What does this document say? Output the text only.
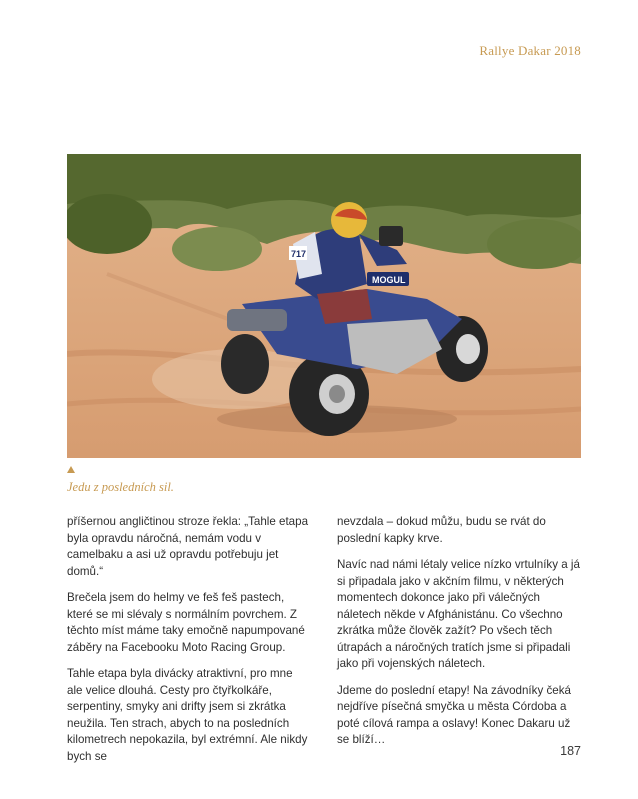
Rallye Dakar 2018
MOGUL
717
Jedu z posledních sil.

příšernou angličtinou stroze řekla: „Tahle etapa byla opravdu náročná, nemám vodu v camelbaku a asi už opravdu potřebuju jet domů.“

Brečela jsem do helmy ve feš feš pastech, které se mi slévaly s normálním povrchem. Z těchto míst máme taky emočně napumpované záběry na Facebooku Moto Racing Group.

Tahle etapa byla divácky atraktivní, pro mne ale velice dlouhá. Cesty pro čtyřkolkáře, serpentiny, smyky ani drifty jsem si zkrátka neužila. Ten strach, abych to na posledních kilometrech nepokazila, byl extrémní. Ale nikdy bych se

nevzdala – dokud můžu, budu se rvát do poslední kapky krve.

Navíc nad námi létaly velice nízko vrtulníky a já si připadala jako v akčním filmu, v některých momentech dokonce jako při válečných náletech někde v Afghánistánu. Co všechno zkrátka může člověk zažít? Po všech těch útrapách a náročných tratích jsme si připadali jako při vojenských náletech.

Jdeme do poslední etapy! Na závodníky čeká nejdříve písečná smyčka u města Córdoba a poté cílová rampa a oslavy! Konec Dakaru už se blíží…

187
